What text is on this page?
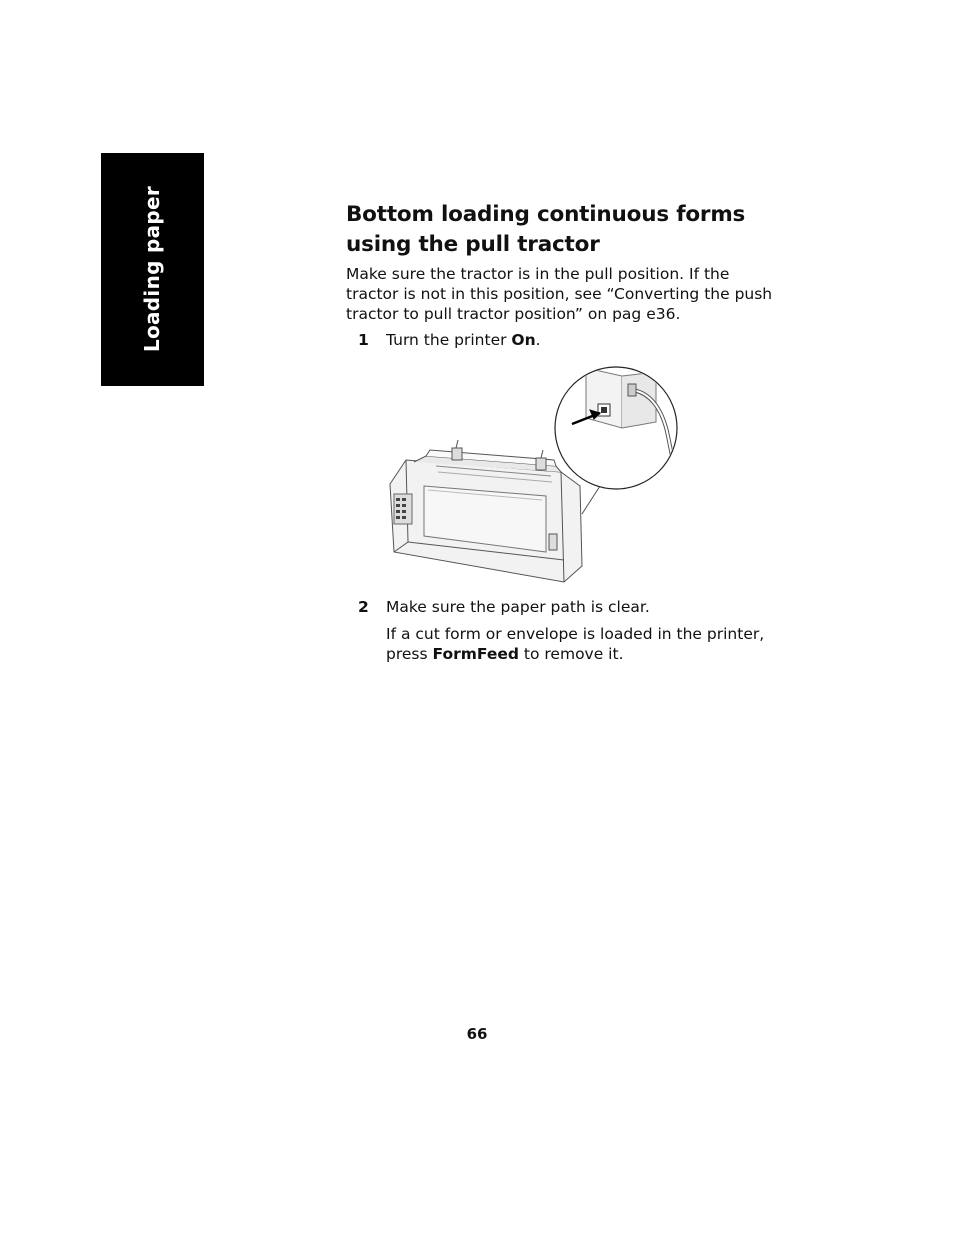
Loading paper	Bottom loading continuous forms
using the pull tractor

Make sure the tractor is in the pull position. If the tractor is not in this position, see “Converting the push tractor to pull tractor position” on pag e36.

1 Turn the printer On.
2 Make sure the paper path is clear.

If a cut form or envelope is loaded in the printer, press FormFeed to remove it.

66
